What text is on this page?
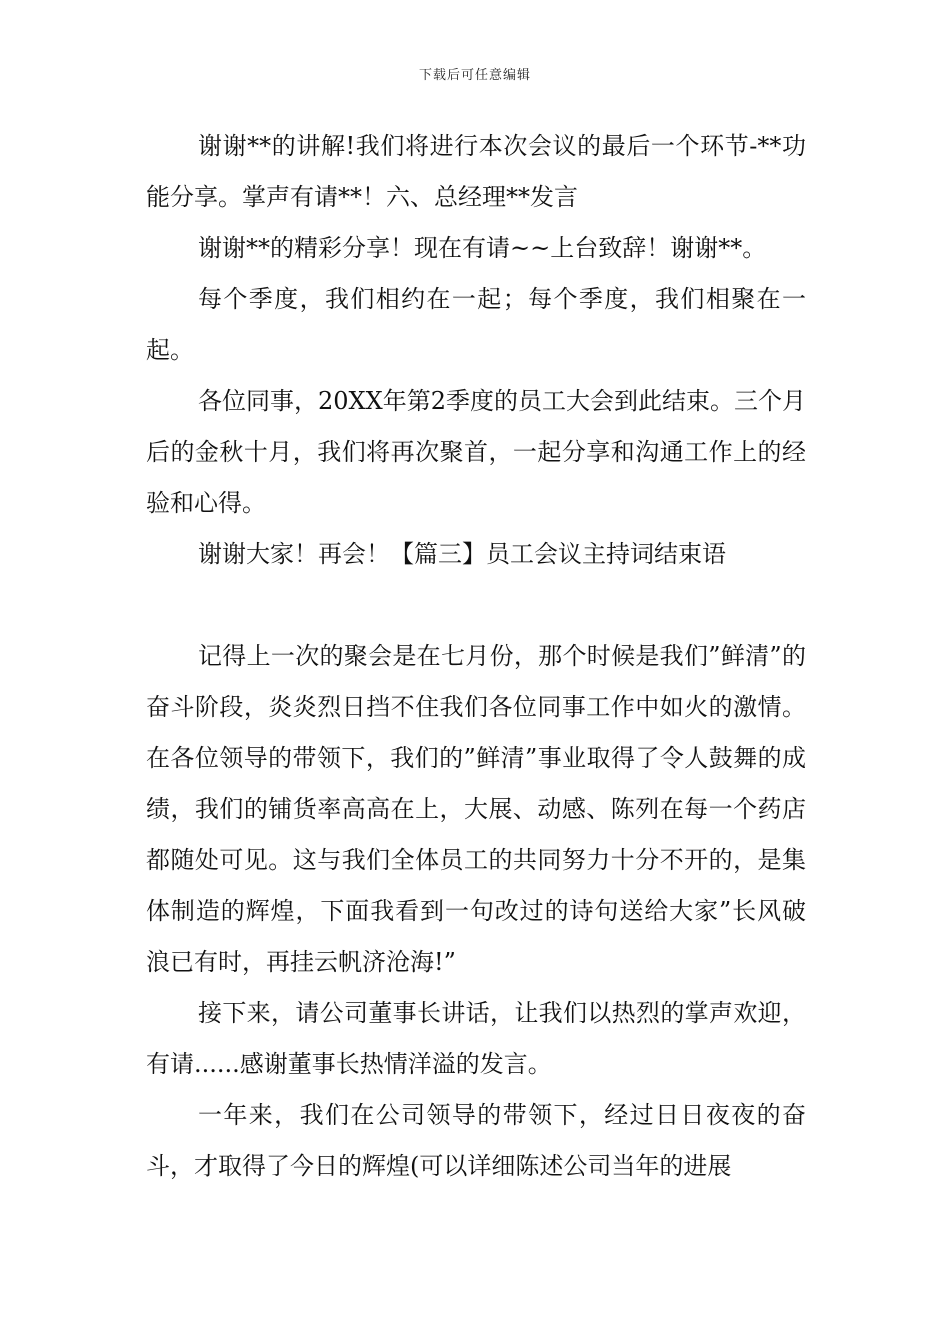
下载后可任意编辑

谢谢**的讲解!我们将进行本次会议的最后一个环节-**功能分享。掌声有请**！六、总经理**发言

谢谢**的精彩分享！现在有请~~上台致辞！谢谢**。

每个季度，我们相约在一起；每个季度，我们相聚在一起。

各位同事，20XX年第2季度的员工大会到此结束。三个月后的金秋十月，我们将再次聚首，一起分享和沟通工作上的经验和心得。

谢谢大家！再会！【篇三】员工会议主持词结束语

记得上一次的聚会是在七月份，那个时候是我们”鲜清”的奋斗阶段，炎炎烈日挡不住我们各位同事工作中如火的激情。在各位领导的带领下，我们的”鲜清”事业取得了令人鼓舞的成绩，我们的铺货率高高在上，大展、动感、陈列在每一个药店都随处可见。这与我们全体员工的共同努力十分不开的，是集体制造的辉煌，下面我看到一句改过的诗句送给大家”长风破浪已有时，再挂云帆济沧海!”

接下来，请公司董事长讲话，让我们以热烈的掌声欢迎，有请......感谢董事长热情洋溢的发言。

一年来，我们在公司领导的带领下，经过日日夜夜的奋斗，才取得了今日的辉煌(可以详细陈述公司当年的进展
